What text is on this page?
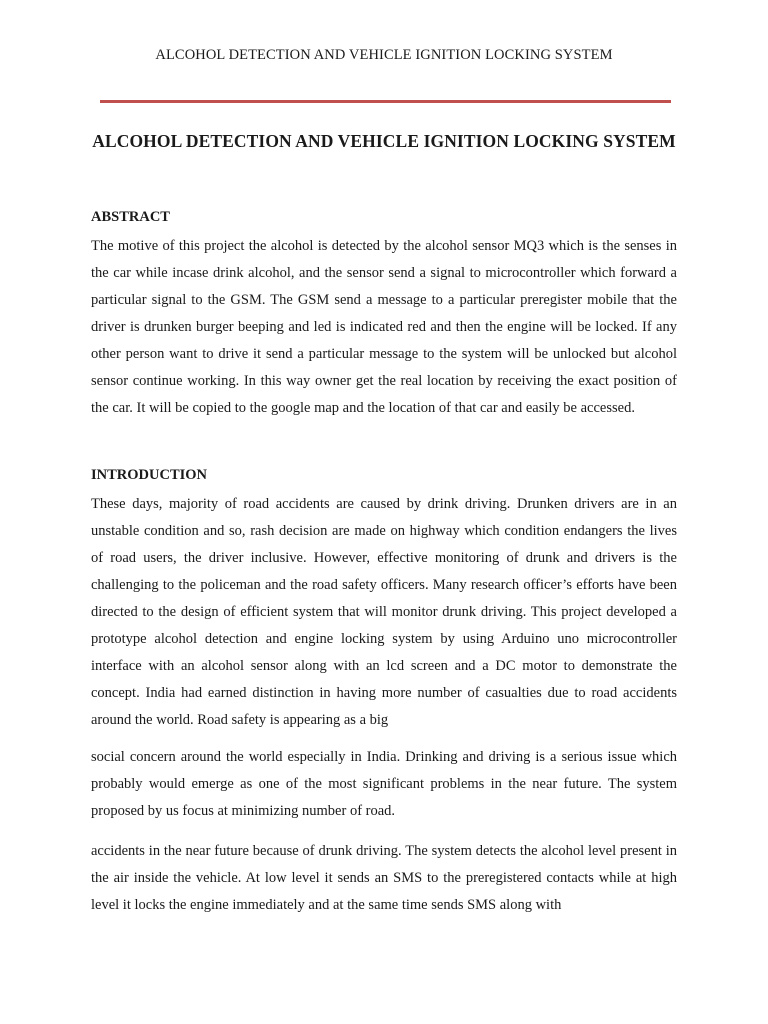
ALCOHOL DETECTION AND VEHICLE IGNITION LOCKING SYSTEM
ALCOHOL DETECTION AND VEHICLE IGNITION LOCKING SYSTEM
ABSTRACT

The motive of this project the alcohol is detected by the alcohol sensor MQ3 which is the senses in the car while incase drink alcohol, and the sensor send a signal to microcontroller which forward a particular signal to the GSM. The GSM send a message to a particular preregister mobile that the driver is drunken burger beeping and led is indicated red and then the engine will be locked. If any other person want to drive it send a particular message to the system will be unlocked but alcohol sensor continue working. In this way owner get the real location by receiving the exact position of the car. It will be copied to the google map and the location of that car and easily be accessed.

INTRODUCTION

These days, majority of road accidents are caused by drink driving. Drunken drivers are in an unstable condition and so, rash decision are made on highway which condition endangers the lives of road users, the driver inclusive. However, effective monitoring of drunk and drivers is the challenging to the policeman and the road safety officers. Many research officer’s efforts have been directed to the design of efficient system that will monitor drunk driving. This project developed a prototype alcohol detection and engine locking system by using Arduino uno microcontroller interface with an alcohol sensor along with an lcd screen and a DC motor to demonstrate the concept. India had earned distinction in having more number of casualties due to road accidents around the world. Road safety is appearing as a big

social concern around the world especially in India. Drinking and driving is a serious issue which probably would emerge as one of the most significant problems in the near future. The system proposed by us focus at minimizing number of road.

accidents in the near future because of drunk driving. The system detects the alcohol level present in the air inside the vehicle. At low level it sends an SMS to the preregistered contacts while at high level it locks the engine immediately and at the same time sends SMS along with
